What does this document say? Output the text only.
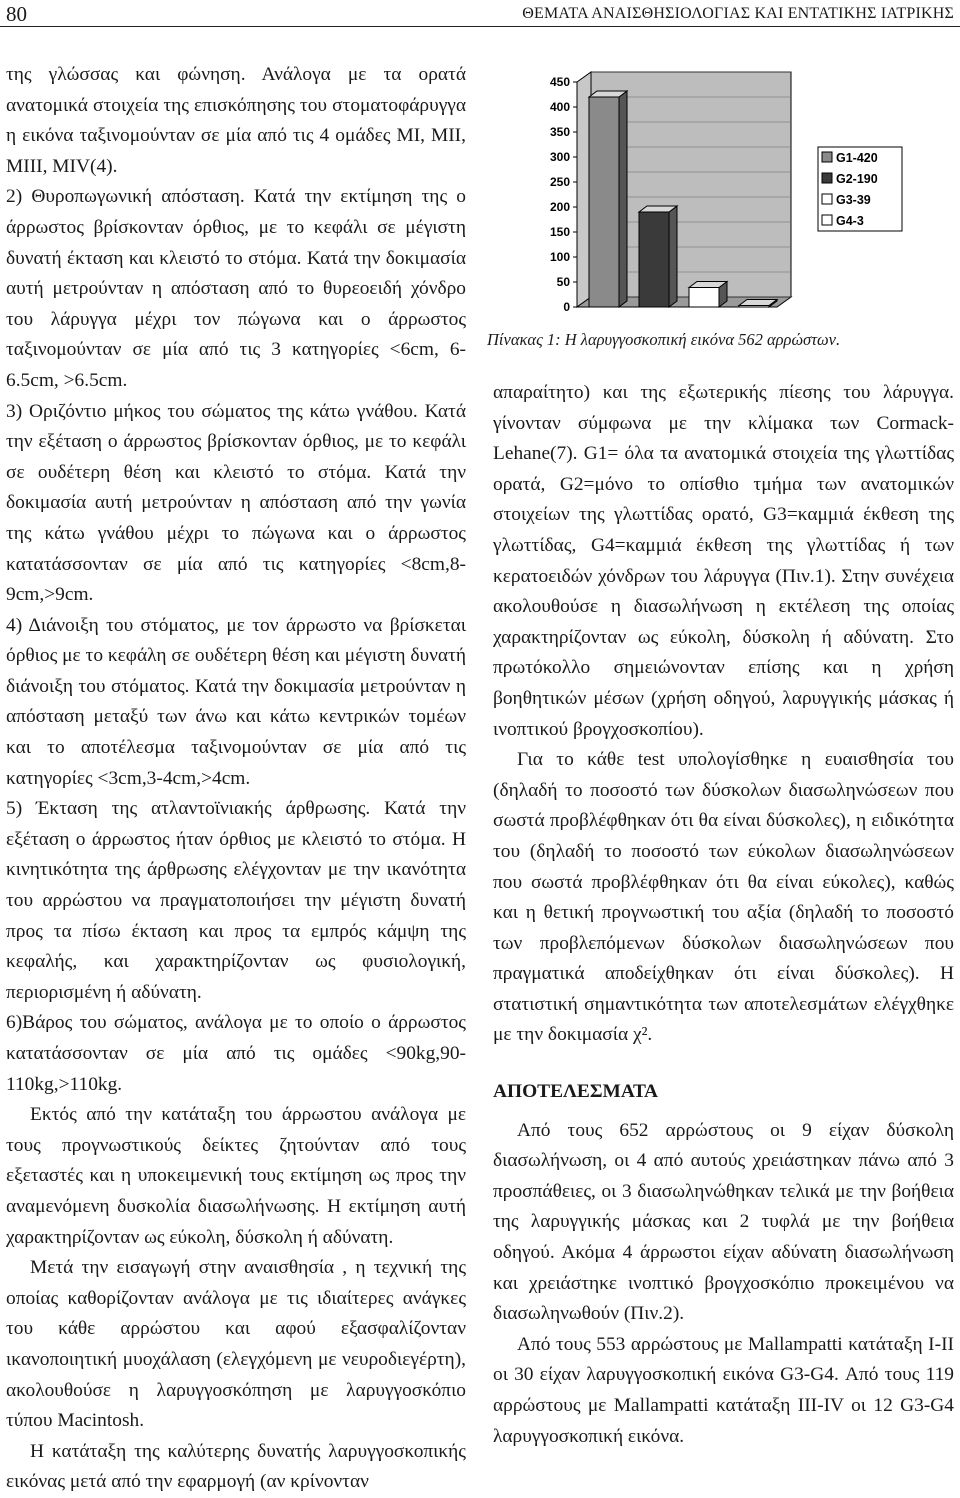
80	ΘΕΜΑΤΑ ΑΝΑΙΣΘΗΣΙΟΛΟΓΙΑΣ ΚΑΙ ΕΝΤΑΤΙΚΗΣ ΙΑΤΡΙΚΗΣ

της γλώσσας και φώνηση. Ανάλογα με τα ορατά ανατομικά στοιχεία της επισκόπησης του στοματοφάρυγγα η εικόνα ταξινομούνταν σε μία από τις 4 ομάδες MI, MII, MIII, MIV(4).

2) Θυροπωγωνική απόσταση. Κατά την εκτίμηση της ο άρρωστος βρίσκονταν όρθιος, με το κεφάλι σε μέγιστη δυνατή έκταση και κλειστό το στόμα. Κατά την δοκιμασία αυτή μετρούνταν η απόσταση από το θυρεοειδή χόνδρο του λάρυγγα μέχρι τον πώγωνα και ο άρρωστος ταξινομούνταν σε μία από τις 3 κατηγορίες <6cm, 6-6.5cm, >6.5cm.

3) Οριζόντιο μήκος του σώματος της κάτω γνάθου. Κατά την εξέταση ο άρρωστος βρίσκονταν όρθιος, με το κεφάλι σε ουδέτερη θέση και κλειστό το στόμα. Κατά την δοκιμασία αυτή μετρούνταν η απόσταση από την γωνία της κάτω γνάθου μέχρι το πώγωνα και ο άρρωστος κατατάσσονταν σε μία από τις κατηγορίες <8cm,8-9cm,>9cm.

4) Διάνοιξη του στόματος, με τον άρρωστο να βρίσκεται όρθιος με το κεφάλη σε ουδέτερη θέση και μέγιστη δυνατή διάνοιξη του στόματος. Κατά την δοκιμασία μετρούνταν η απόσταση μεταξύ των άνω και κάτω κεντρικών τομέων και το αποτέλεσμα ταξινομούνταν σε μία από τις κατηγορίες <3cm,3-4cm,>4cm.

5) Έκταση της ατλαντοϊνιακής άρθρωσης. Κατά την εξέταση ο άρρωστος ήταν όρθιος με κλειστό το στόμα. Η κινητικότητα της άρθρωσης ελέγχονταν με την ικανότητα του αρρώστου να πραγματοποιήσει την μέγιστη δυνατή προς τα πίσω έκταση και προς τα εμπρός κάμψη της κεφαλής, και χαρακτηρίζονταν ως φυσιολογική, περιορισμένη ή αδύνατη.

6)Βάρος του σώματος, ανάλογα με το οποίο ο άρρωστος κατατάσσονταν σε μία από τις ομάδες <90kg,90-110kg,>110kg.

Εκτός από την κατάταξη του άρρωστου ανάλογα με τους προγνωστικούς δείκτες ζητούνταν από τους εξεταστές και η υποκειμενική τους εκτίμηση ως προς την αναμενόμενη δυσκολία διασωλήνωσης. Η εκτίμηση αυτή χαρακτηρίζονταν ως εύκολη, δύσκολη ή αδύνατη.

Μετά την εισαγωγή στην αναισθησία , η τεχνική της οποίας καθορίζονταν ανάλογα με τις ιδιαίτερες ανάγκες του κάθε αρρώστου και αφού εξασφαλίζονταν ικανοποιητική μυοχάλαση (ελεγχόμενη με νευροδιεγέρτη), ακολουθούσε η λαρυγγοσκόπηση με λαρυγγοσκόπιο τύπου Macintosh.

Η κατάταξη της καλύτερης δυνατής λαρυγγοσκοπικής εικόνας μετά από την εφαρμογή (αν κρίνονταν

0
50
100
150
200
250
300
350
400
450
G1-420
G2-190
G3-39
G4-3
Πίνακας 1: Η λαρυγγοσκοπική εικόνα 562 αρρώστων.

απαραίτητο) και της εξωτερικής πίεσης του λάρυγγα. γίνονταν σύμφωνα με την κλίμακα των Cormack-Lehane(7). G1= όλα τα ανατομικά στοιχεία της γλωττίδας ορατά, G2=μόνο το οπίσθιο τμήμα των ανατομικών στοιχείων της γλωττίδας ορατό, G3=καμμιά έκθεση της γλωττίδας, G4=καμμιά έκθεση της γλωττίδας ή των κερατοειδών χόνδρων του λάρυγγα (Πιν.1). Στην συνέχεια ακολουθούσε η διασωλήνωση η εκτέλεση της οποίας χαρακτηρίζονταν ως εύκολη, δύσκολη ή αδύνατη. Στο πρωτόκολλο σημειώνονταν επίσης και η χρήση βοηθητικών μέσων (χρήση οδηγού, λαρυγγικής μάσκας ή ινοπτικού βρογχοσκοπίου).

Για το κάθε test υπολογίσθηκε η ευαισθησία του (δηλαδή το ποσοστό των δύσκολων διασωληνώσεων που σωστά προβλέφθηκαν ότι θα είναι δύσκολες), η ειδικότητα του (δηλαδή το ποσοστό των εύκολων διασωληνώσεων που σωστά προβλέφθηκαν ότι θα είναι εύκολες), καθώς και η θετική προγνωστική του αξία (δηλαδή το ποσοστό των προβλεπόμενων δύσκολων διασωληνώσεων που πραγματικά αποδείχθηκαν ότι είναι δύσκολες). Η στατιστική σημαντικότητα των αποτελεσμάτων ελέγχθηκε με την δοκιμασία χ².

ΑΠΟΤΕΛΕΣΜΑΤΑ

Από τους 652 αρρώστους οι 9 είχαν δύσκολη διασωλήνωση, οι 4 από αυτούς χρειάστηκαν πάνω από 3 προσπάθειες, οι 3 διασωληνώθηκαν τελικά με την βοήθεια της λαρυγγικής μάσκας και 2 τυφλά με την βοήθεια οδηγού. Ακόμα 4 άρρωστοι είχαν αδύνατη διασωλήνωση και χρειάστηκε ινοπτικό βρογχοσκόπιο προκειμένου να διασωληνωθούν (Πιν.2).

Από τους 553 αρρώστους με Mallampatti κατάταξη I-II οι 30 είχαν λαρυγγοσκοπική εικόνα G3-G4. Από τους 119 αρρώστους με Mallampatti κατάταξη III-IV οι 12 G3-G4 λαρυγγοσκοπική εικόνα.
